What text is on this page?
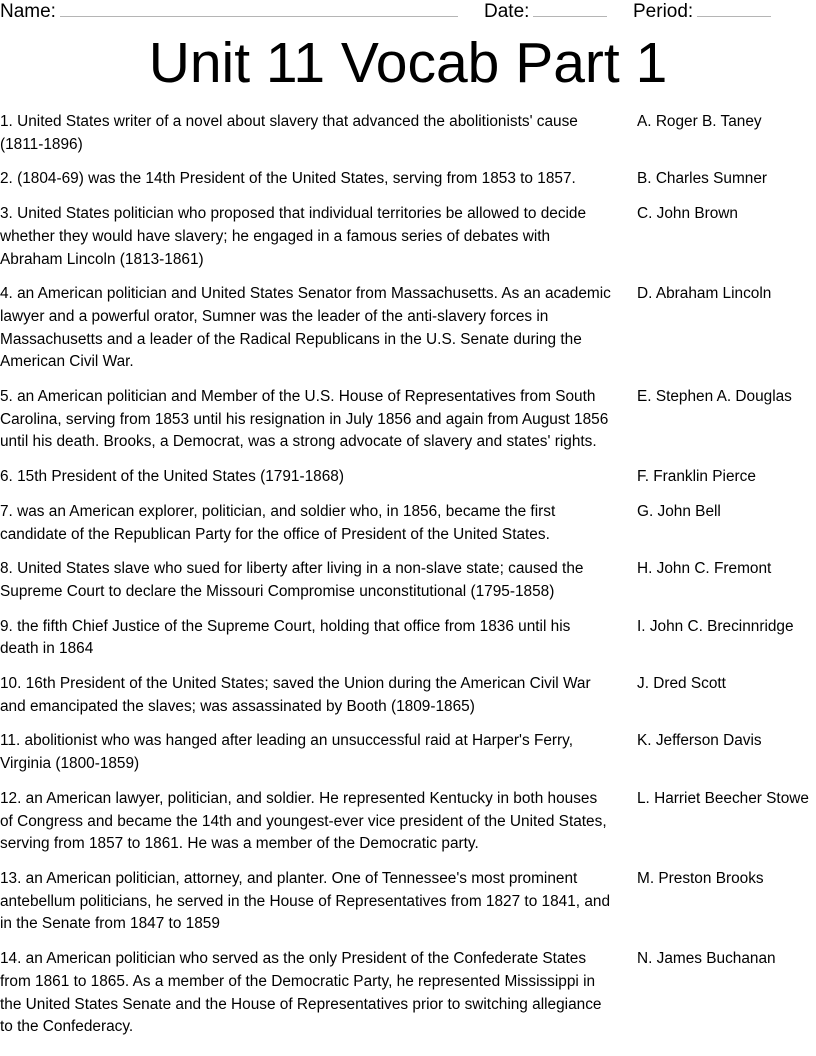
Name:	Date:	Period:
Unit 11 Vocab Part 1
1. United States writer of a novel about slavery that advanced the abolitionists' cause (1811-1896)
A. Roger B. Taney
2. (1804-69) was the 14th President of the United States, serving from 1853 to 1857.	B. Charles Sumner
3. United States politician who proposed that individual territories be allowed to decide whether they would have slavery; he engaged in a famous series of debates with Abraham Lincoln (1813-1861)
C. John Brown
4. an American politician and United States Senator from Massachusetts. As an academic lawyer and a powerful orator, Sumner was the leader of the anti-slavery forces in Massachusetts and a leader of the Radical Republicans in the U.S. Senate during the American Civil War.
D. Abraham Lincoln
5. an American politician and Member of the U.S. House of Representatives from South Carolina, serving from 1853 until his resignation in July 1856 and again from August 1856 until his death. Brooks, a Democrat, was a strong advocate of slavery and states' rights.
E. Stephen A. Douglas
6. 15th President of the United States (1791-1868)	F. Franklin Pierce
7. was an American explorer, politician, and soldier who, in 1856, became the first candidate of the Republican Party for the office of President of the United States.
G. John Bell
8. United States slave who sued for liberty after living in a non-slave state; caused the Supreme Court to declare the Missouri Compromise unconstitutional (1795-1858)
H. John C. Fremont
9. the fifth Chief Justice of the Supreme Court, holding that office from 1836 until his death in 1864
I. John C. Brecinnridge
10. 16th President of the United States; saved the Union during the American Civil War and emancipated the slaves; was assassinated by Booth (1809-1865)
J. Dred Scott
11. abolitionist who was hanged after leading an unsuccessful raid at Harper's Ferry, Virginia (1800-1859)
K. Jefferson Davis
12. an American lawyer, politician, and soldier. He represented Kentucky in both houses of Congress and became the 14th and youngest-ever vice president of the United States, serving from 1857 to 1861. He was a member of the Democratic party.
L. Harriet Beecher Stowe
13. an American politician, attorney, and planter. One of Tennessee's most prominent antebellum politicians, he served in the House of Representatives from 1827 to 1841, and in the Senate from 1847 to 1859
M. Preston Brooks
14. an American politician who served as the only President of the Confederate States from 1861 to 1865. As a member of the Democratic Party, he represented Mississippi in the United States Senate and the House of Representatives prior to switching allegiance to the Confederacy.
N. James Buchanan
